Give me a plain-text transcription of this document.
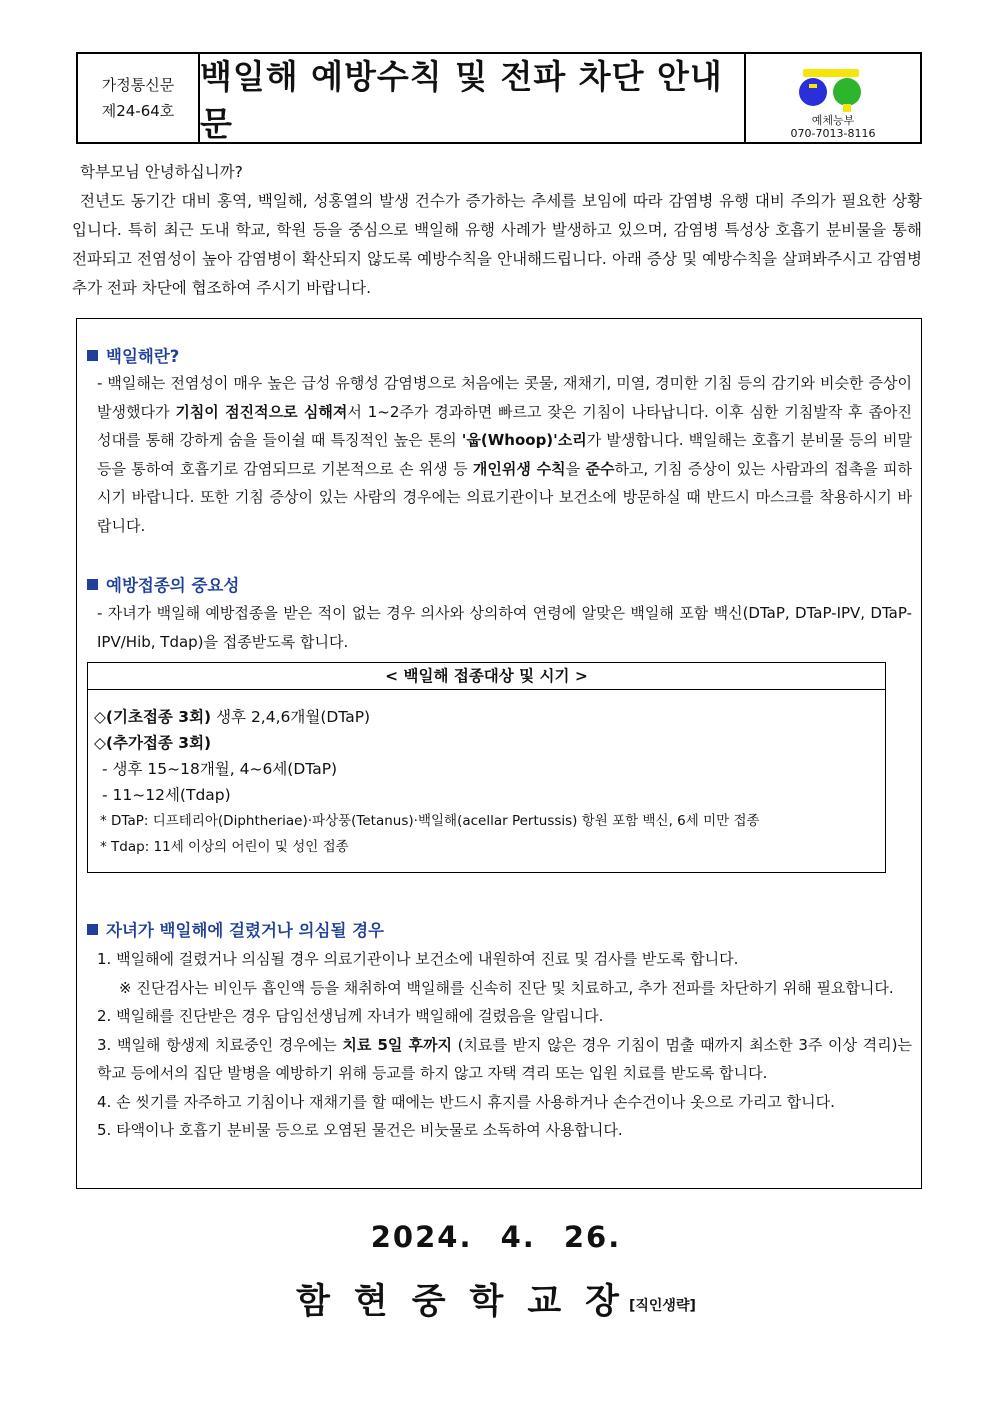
가정통신문
제24-64호
백일해 예방수칙 및 전파 차단 안내문	예체능부
070-7013-8116

학부모님 안녕하십니까?

전년도 동기간 대비 홍역, 백일해, 성홍열의 발생 건수가 증가하는 추세를 보임에 따라 감염병 유행 대비 주의가 필요한 상황입니다. 특히 최근 도내 학교, 학원 등을 중심으로 백일해 유행 사례가 발생하고 있으며, 감염병 특성상 호흡기 분비물을 통해 전파되고 전염성이 높아 감염병이 확산되지 않도록 예방수칙을 안내해드립니다. 아래 증상 및 예방수칙을 살펴봐주시고 감염병 추가 전파 차단에 협조하여 주시기 바랍니다.

백일해란?

- 백일해는 전염성이 매우 높은 급성 유행성 감염병으로 처음에는 콧물, 재채기, 미열, 경미한 기침 등의 감기와 비슷한 증상이 발생했다가 기침이 점진적으로 심해져서 1~2주가 경과하면 빠르고 잦은 기침이 나타납니다. 이후 심한 기침발작 후 좁아진 성대를 통해 강하게 숨을 들이쉴 때 특징적인 높은 톤의 '웁(Whoop)'소리가 발생합니다. 백일해는 호흡기 분비물 등의 비말 등을 통하여 호흡기로 감염되므로 기본적으로 손 위생 등 개인위생 수칙을 준수하고, 기침 증상이 있는 사람과의 접촉을 피하시기 바랍니다. 또한 기침 증상이 있는 사람의 경우에는 의료기관이나 보건소에 방문하실 때 반드시 마스크를 착용하시기 바랍니다.

예방접종의 중요성

- 자녀가 백일해 예방접종을 받은 적이 없는 경우 의사와 상의하여 연령에 알맞은 백일해 포함 백신(DTaP, DTaP-IPV, DTaP-IPV/Hib, Tdap)을 접종받도록 합니다.

< 백일해 접종대상 및 시기 >
◇(기초접종 3회) 생후 2,4,6개월(DTaP)
◇(추가접종 3회)
- 생후 15~18개월, 4~6세(DTaP)
- 11~12세(Tdap)
* DTaP: 디프테리아(Diphtheriae)·파상풍(Tetanus)·백일해(acellar Pertussis) 항원 포함 백신, 6세 미만 접종
* Tdap: 11세 이상의 어린이 및 성인 접종
자녀가 백일해에 걸렸거나 의심될 경우

1. 백일해에 걸렸거나 의심될 경우 의료기관이나 보건소에 내원하여 진료 및 검사를 받도록 합니다.

※ 진단검사는 비인두 흡인액 등을 채취하여 백일해를 신속히 진단 및 치료하고, 추가 전파를 차단하기 위해 필요합니다.

2. 백일해를 진단받은 경우 담임선생님께 자녀가 백일해에 걸렸음을 알립니다.

3. 백일해 항생제 치료중인 경우에는 치료 5일 후까지 (치료를 받지 않은 경우 기침이 멈출 때까지 최소한 3주 이상 격리)는 학교 등에서의 집단 발병을 예방하기 위해 등교를 하지 않고 자택 격리 또는 입원 치료를 받도록 합니다.

4. 손 씻기를 자주하고 기침이나 재채기를 할 때에는 반드시 휴지를 사용하거나 손수건이나 옷으로 가리고 합니다.

5. 타액이나 호흡기 분비물 등으로 오염된 물건은 비눗물로 소독하여 사용합니다.

2024. 4. 26.
함현중학교장[직인생략]
